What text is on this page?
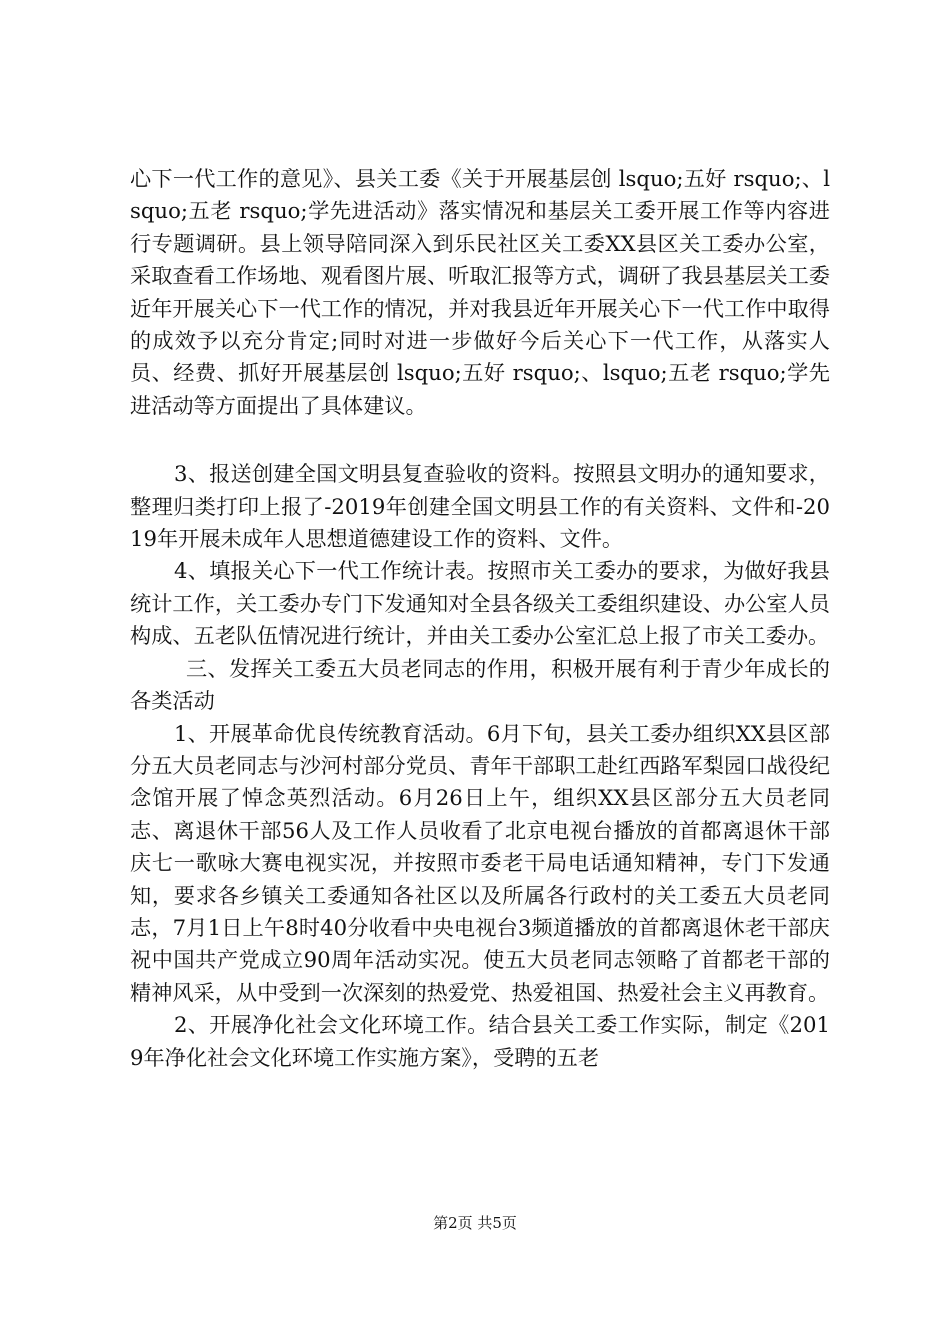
心下一代工作的意见》、县关工委《关于开展基层创 lsquo;五好 rsquo;、lsquo;五老 rsquo;学先进活动》落实情况和基层关工委开展工作等内容进行专题调研。县上领导陪同深入到乐民社区关工委XX县区关工委办公室，采取查看工作场地、观看图片展、听取汇报等方式，调研了我县基层关工委近年开展关心下一代工作的情况，并对我县近年开展关心下一代工作中取得的成效予以充分肯定;同时对进一步做好今后关心下一代工作，从落实人员、经费、抓好开展基层创 lsquo;五好 rsquo;、lsquo;五老 rsquo;学先进活动等方面提出了具体建议。

3、报送创建全国文明县复查验收的资料。按照县文明办的通知要求，整理归类打印上报了-2019年创建全国文明县工作的有关资料、文件和-2019年开展未成年人思想道德建设工作的资料、文件。

4、填报关心下一代工作统计表。按照市关工委办的要求，为做好我县统计工作，关工委办专门下发通知对全县各级关工委组织建设、办公室人员构成、五老队伍情况进行统计，并由关工委办公室汇总上报了市关工委办。

三、发挥关工委五大员老同志的作用，积极开展有利于青少年成长的各类活动

1、开展革命优良传统教育活动。6月下旬，县关工委办组织XX县区部分五大员老同志与沙河村部分党员、青年干部职工赴红西路军梨园口战役纪念馆开展了悼念英烈活动。6月26日上午，组织XX县区部分五大员老同志、离退休干部56人及工作人员收看了北京电视台播放的首都离退休干部庆七一歌咏大赛电视实况，并按照市委老干局电话通知精神，专门下发通知，要求各乡镇关工委通知各社区以及所属各行政村的关工委五大员老同志，7月1日上午8时40分收看中央电视台3频道播放的首都离退休老干部庆祝中国共产党成立90周年活动实况。使五大员老同志领略了首都老干部的精神风采，从中受到一次深刻的热爱党、热爱祖国、热爱社会主义再教育。

2、开展净化社会文化环境工作。结合县关工委工作实际，制定《2019年净化社会文化环境工作实施方案》，受聘的五老

第2页 共5页
